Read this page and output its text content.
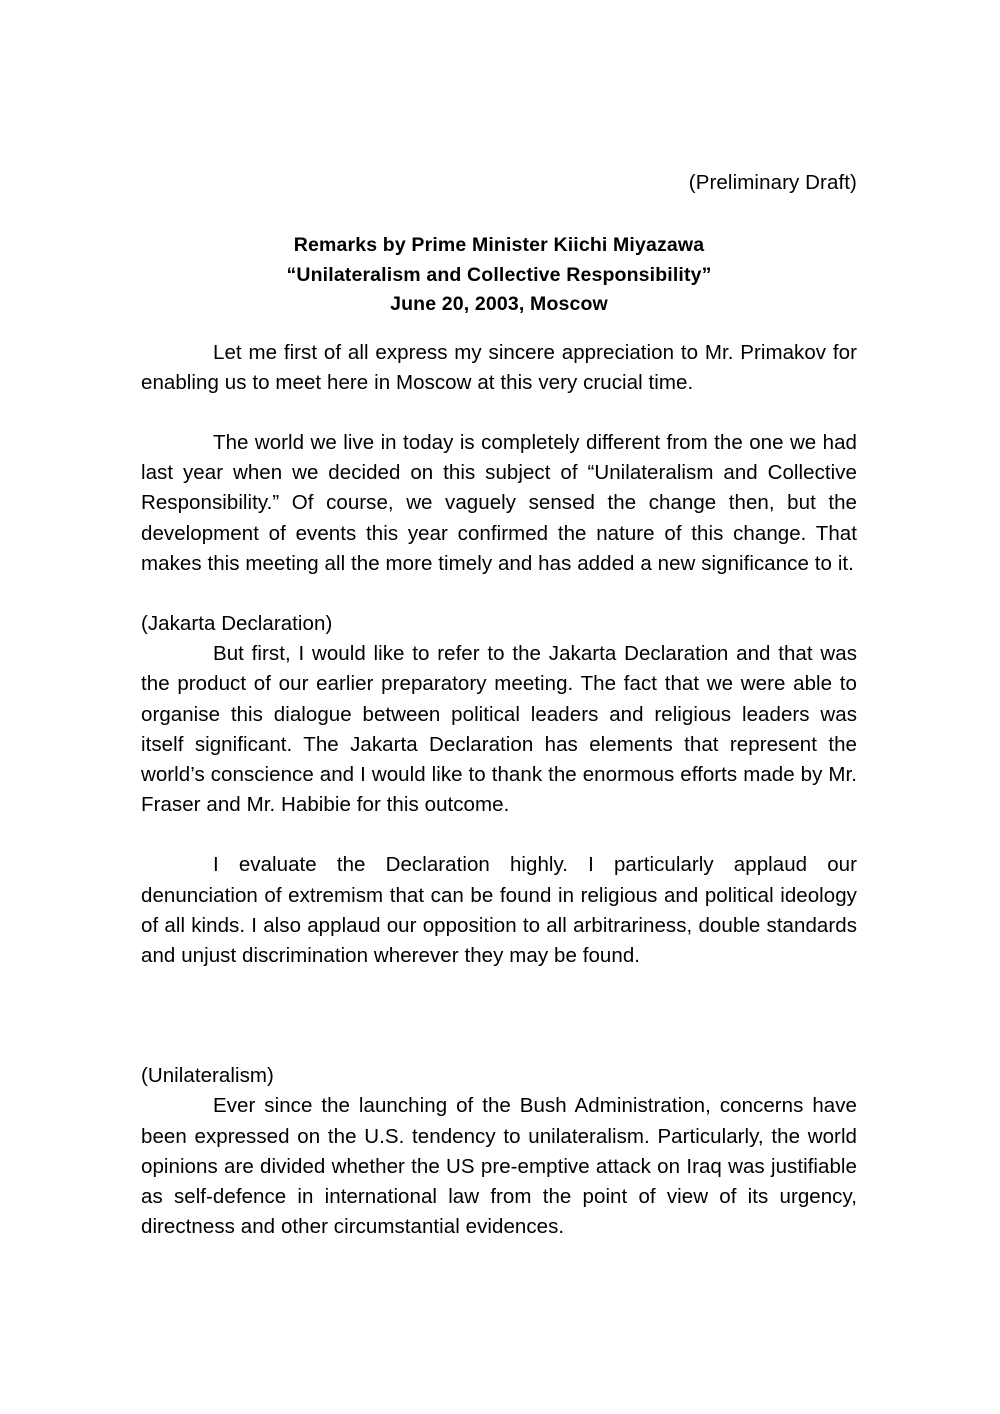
(Preliminary Draft)
Remarks by Prime Minister Kiichi Miyazawa
“Unilateralism and Collective Responsibility”
June 20, 2003, Moscow

Let me first of all express my sincere appreciation to Mr. Primakov for enabling us to meet here in Moscow at this very crucial time.

The world we live in today is completely different from the one we had last year when we decided on this subject of “Unilateralism and Collective Responsibility.” Of course, we vaguely sensed the change then, but the development of events this year confirmed the nature of this change. That makes this meeting all the more timely and has added a new significance to it.

(Jakarta Declaration)

But first, I would like to refer to the Jakarta Declaration and that was the product of our earlier preparatory meeting. The fact that we were able to organise this dialogue between political leaders and religious leaders was itself significant. The Jakarta Declaration has elements that represent the world’s conscience and I would like to thank the enormous efforts made by Mr. Fraser and Mr. Habibie for this outcome.

I evaluate the Declaration highly. I particularly applaud our denunciation of extremism that can be found in religious and political ideology of all kinds. I also applaud our opposition to all arbitrariness, double standards and unjust discrimination wherever they may be found.

(Unilateralism)

Ever since the launching of the Bush Administration, concerns have been expressed on the U.S. tendency to unilateralism. Particularly, the world opinions are divided whether the US pre-emptive attack on Iraq was justifiable as self-defence in international law from the point of view of its urgency, directness and other circumstantial evidences.
